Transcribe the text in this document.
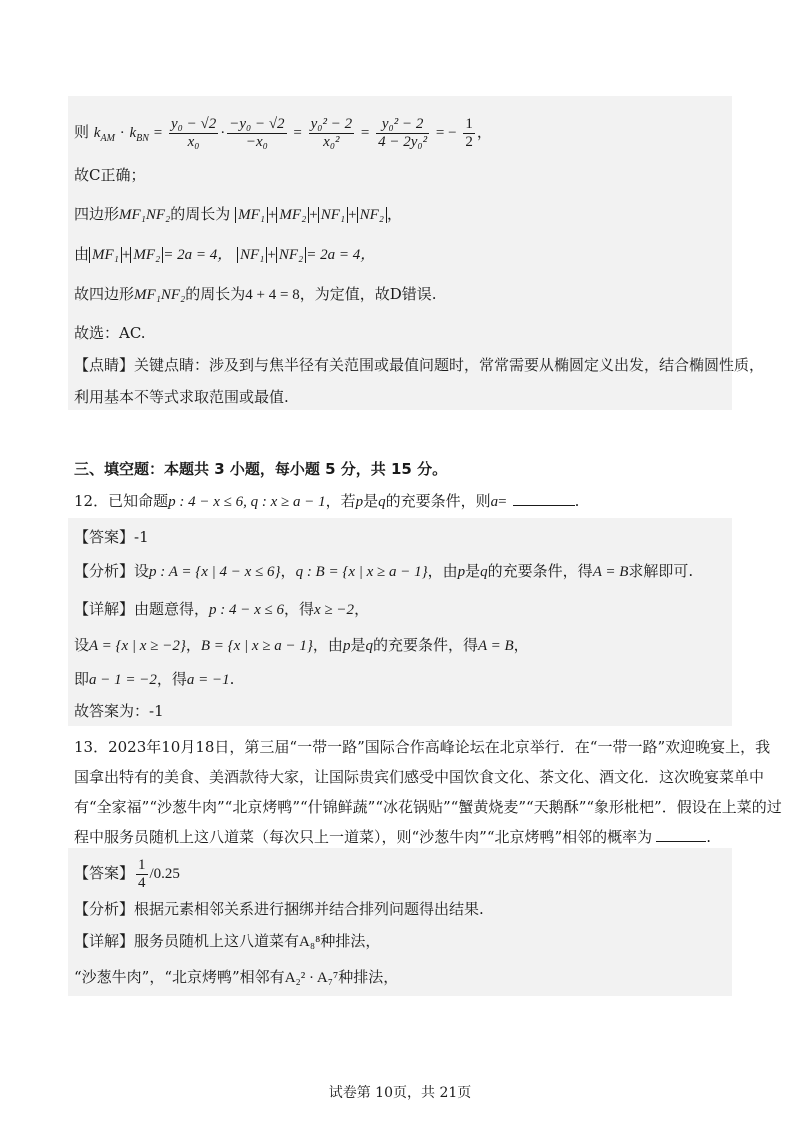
则 $k_{AM} \cdot k_{BN} = \frac{\text{y₀ − √2}}{\text{x₀}} \cdot \frac{\text{−y₀ − √2}}{\text{−x₀}} = \frac{\text{y₀² − 2}}{\text{x₀²}} = \frac{\text{y₀² − 2}}{\text{4 − 2y₀²}}$ = − $\frac{1}{2}$ ，
故C正确；
四边形MF₁NF₂的周长为 MF₁ + MF₂ + NF₁ + NF₂ ，
由 MF₁ + MF₂ = 2a = 4， NF₁ + NF₂ = 2a = 4，
故四边形MF₁NF₂的周长为4 + 4 = 8，为定值，故D错误.
故选：AC.
【点睛】关键点睛：涉及到与焦半径有关范围或最值问题时，常常需要从椭圆定义出发，结合椭圆性质，
利用基本不等式求取范围或最值.
三、填空题：本题共 3 小题，每小题 5 分，共 15 分。
12．已知命题p : 4 − x ≤ 6, q : x ≥ a − 1，若p是q的充要条件，则a=	.
【答案】-1
【分析】设p : A = {x | 4 − x ≤ 6}，q : B = {x | x ≥ a − 1}，由p是q的充要条件，得A = B求解即可.
【详解】由题意得，p : 4 − x ≤ 6，得x ≥ −2，
设A = {x | x ≥ −2}，B = {x | x ≥ a − 1}，由p是q的充要条件，得A = B，
即a − 1 = −2，得a = −1.
故答案为：-1
13．2023年10月18日，第三届“一带一路”国际合作高峰论坛在北京举行．在“一带一路”欢迎晚宴上，我
国拿出特有的美食、美酒款待大家，让国际贵宾们感受中国饮食文化、茶文化、酒文化．这次晚宴菜单中
有“全家福”“沙葱牛肉”“北京烤鸭”“什锦鲜蔬”“冰花锅贴”“蟹黄烧麦”“天鹅酥”“象形枇杷”．假设在上菜的过
程中服务员随机上这八道菜（每次只上一道菜），则“沙葱牛肉”“北京烤鸭”相邻的概率为	.
【答案】 $\frac{1}{4} /0.25$
【分析】根据元素相邻关系进行捆绑并结合排列问题得出结果.
【详解】服务员随机上这八道菜有A₈⁸种排法，
“沙葱牛肉”，“北京烤鸭”相邻有A₂² · A₇⁷种排法，
试卷第 10页，共 21页
